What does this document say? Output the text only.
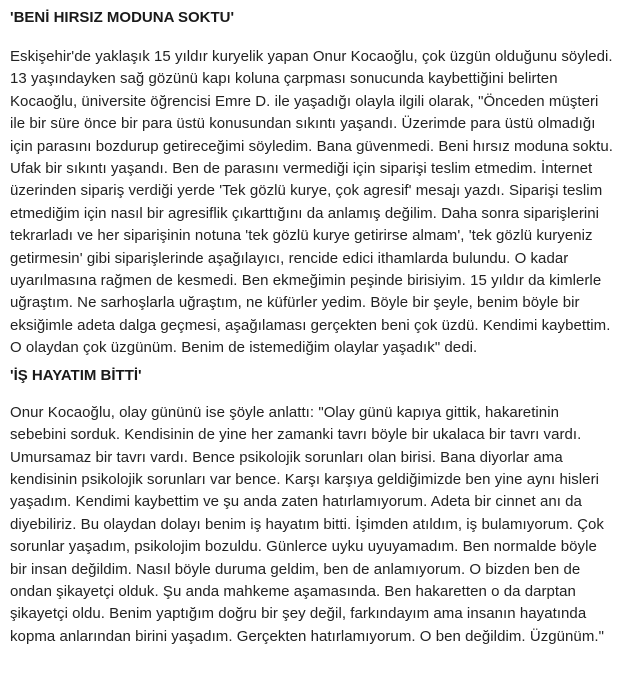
'BENİ HIRSIZ MODUNA SOKTU'

Eskişehir'de yaklaşık 15 yıldır kuryelik yapan Onur Kocaoğlu, çok üzgün olduğunu söyledi. 13 yaşındayken sağ gözünü kapı koluna çarpması sonucunda kaybettiğini belirten Kocaoğlu, üniversite öğrencisi Emre D. ile yaşadığı olayla ilgili olarak, "Önceden müşteri ile bir süre önce bir para üstü konusundan sıkıntı yaşandı. Üzerimde para üstü olmadığı için parasını bozdurup getireceğimi söyledim. Bana güvenmedi. Beni hırsız moduna soktu. Ufak bir sıkıntı yaşandı. Ben de parasını vermediği için siparişi teslim etmedim. İnternet üzerinden sipariş verdiği yerde 'Tek gözlü kurye, çok agresif' mesajı yazdı. Siparişi teslim etmediğim için nasıl bir agresiflik çıkarttığını da anlamış değilim. Daha sonra siparişlerini tekrarladı ve her siparişinin notuna 'tek gözlü kurye getirirse almam', 'tek gözlü kuryeniz getirmesin' gibi siparişlerinde aşağılayıcı, rencide edici ithamlarda bulundu. O kadar uyarılmasına rağmen de kesmedi. Ben ekmeğimin peşinde birisiyim. 15 yıldır da kimlerle uğraştım. Ne sarhoşlarla uğraştım, ne küfürler yedim. Böyle bir şeyle, benim böyle bir eksiğimle adeta dalga geçmesi, aşağılaması gerçekten beni çok üzdü. Kendimi kaybettim. O olaydan çok üzgünüm. Benim de istemediğim olaylar yaşadık" dedi.

'İŞ HAYATIM BİTTİ'

Onur Kocaoğlu, olay gününü ise şöyle anlattı: "Olay günü kapıya gittik, hakaretinin sebebini sorduk. Kendisinin de yine her zamanki tavrı böyle bir ukalaca bir tavrı vardı. Umursamaz bir tavrı vardı. Bence psikolojik sorunları olan birisi. Bana diyorlar ama kendisinin psikolojik sorunları var bence. Karşı karşıya geldiğimizde ben yine aynı hisleri yaşadım. Kendimi kaybettim ve şu anda zaten hatırlamıyorum. Adeta bir cinnet anı da diyebiliriz. Bu olaydan dolayı benim iş hayatım bitti. İşimden atıldım, iş bulamıyorum. Çok sorunlar yaşadım, psikolojim bozuldu. Günlerce uyku uyuyamadım. Ben normalde böyle bir insan değildim. Nasıl böyle duruma geldim, ben de anlamıyorum. O bizden ben de ondan şikayetçi olduk. Şu anda mahkeme aşamasında. Ben hakaretten o da darptan şikayetçi oldu. Benim yaptığım doğru bir şey değil, farkındayım ama insanın hayatında kopma anlarından birini yaşadım. Gerçekten hatırlamıyorum. O ben değildim. Üzgünüm."
